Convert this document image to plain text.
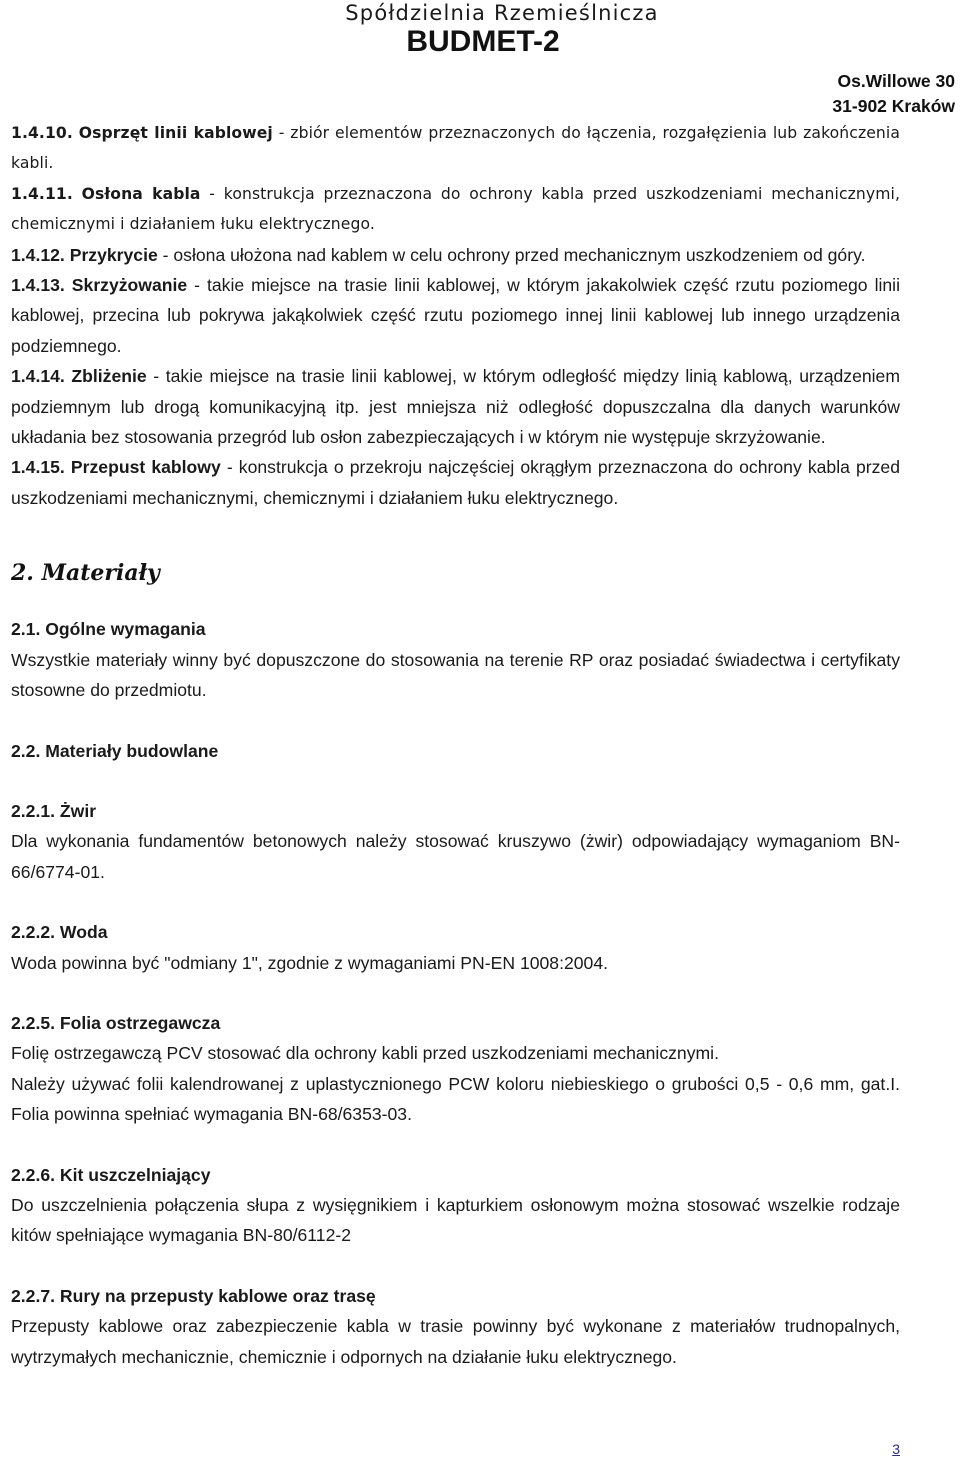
Spółdzielnia Rzemieślnicza
BUDMET-2
Os.Willowe 30
31-902 Kraków

1.4.10. Osprzęt linii kablowej - zbiór elementów przeznaczonych do łączenia, rozgałęzienia lub zakończenia kabli.

1.4.11. Osłona kabla - konstrukcja przeznaczona do ochrony kabla przed uszkodzeniami mechanicznymi, chemicznymi i działaniem łuku elektrycznego.

1.4.12. Przykrycie - osłona ułożona nad kablem w celu ochrony przed mechanicznym uszkodzeniem od góry.

1.4.13. Skrzyżowanie - takie miejsce na trasie linii kablowej, w którym jakakolwiek część rzutu poziomego linii kablowej, przecina lub pokrywa jakąkolwiek część rzutu poziomego innej linii kablowej lub innego urządzenia podziemnego.

1.4.14. Zbliżenie - takie miejsce na trasie linii kablowej, w którym odległość między linią kablową, urządzeniem podziemnym lub drogą komunikacyjną itp. jest mniejsza niż odległość dopuszczalna dla danych warunków układania bez stosowania przegród lub osłon zabezpieczających i w którym nie występuje skrzyżowanie.

1.4.15. Przepust kablowy - konstrukcja o przekroju najczęściej okrągłym przeznaczona do ochrony kabla przed uszkodzeniami mechanicznymi, chemicznymi i działaniem łuku elektrycznego.

2. Materiały

2.1. Ogólne wymagania

Wszystkie materiały winny być dopuszczone do stosowania na terenie RP oraz posiadać świadectwa i certyfikaty stosowne do przedmiotu.

2.2. Materiały budowlane

2.2.1. Żwir

Dla wykonania fundamentów betonowych należy stosować kruszywo (żwir) odpowiadający wymaganiom BN-66/6774-01.

2.2.2. Woda

Woda powinna być "odmiany 1", zgodnie z wymaganiami PN-EN 1008:2004.

2.2.5. Folia ostrzegawcza

Folię ostrzegawczą PCV stosować dla ochrony kabli przed uszkodzeniami mechanicznymi.

Należy używać folii kalendrowanej z uplastycznionego PCW koloru niebieskiego o grubości 0,5 - 0,6 mm, gat.I. Folia powinna spełniać wymagania BN-68/6353-03.

2.2.6. Kit uszczelniający

Do uszczelnienia połączenia słupa z wysięgnikiem i kapturkiem osłonowym można stosować wszelkie rodzaje kitów spełniające wymagania BN-80/6112-2

2.2.7. Rury na przepusty kablowe oraz trasę

Przepusty kablowe oraz zabezpieczenie kabla w trasie powinny być wykonane z materiałów trudnopalnych, wytrzymałych mechanicznie, chemicznie i odpornych na działanie łuku elektrycznego.

3
